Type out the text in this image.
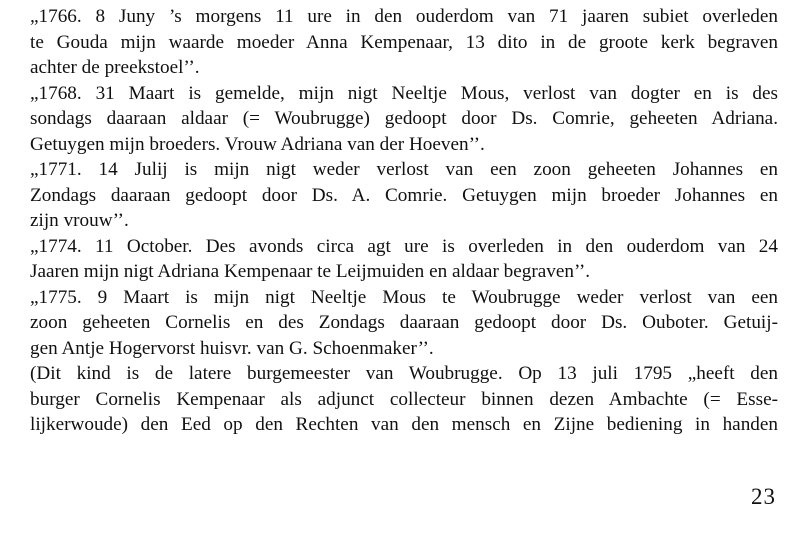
„1766. 8 Juny ’s morgens 11 ure in den ouderdom van 71 jaaren subiet overleden
te Gouda mijn waarde moeder Anna Kempenaar, 13 dito in de groote kerk begraven
achter de preekstoel’’.
„1768. 31 Maart is gemelde, mijn nigt Neeltje Mous, verlost van dogter en is des
sondags daaraan aldaar (= Woubrugge) gedoopt door Ds. Comrie, geheeten Adriana.
Getuygen mijn broeders. Vrouw Adriana van der Hoeven’’.
„1771. 14 Julij is mijn nigt weder verlost van een zoon geheeten Johannes en
Zondags daaraan gedoopt door Ds. A. Comrie. Getuygen mijn broeder Johannes en
zijn vrouw’’.
„1774. 11 October. Des avonds circa agt ure is overleden in den ouderdom van 24
Jaaren mijn nigt Adriana Kempenaar te Leijmuiden en aldaar begraven’’.
„1775. 9 Maart is mijn nigt Neeltje Mous te Woubrugge weder verlost van een
zoon geheeten Cornelis en des Zondags daaraan gedoopt door Ds. Ouboter. Getuij-
gen Antje Hogervorst huisvr. van G. Schoenmaker’’.
(Dit kind is de latere burgemeester van Woubrugge. Op 13 juli 1795 „heeft den
burger Cornelis Kempenaar als adjunct collecteur binnen dezen Ambachte (= Esse-
lijkerwoude) den Eed op den Rechten van den mensch en Zijne bediening in handen
23
